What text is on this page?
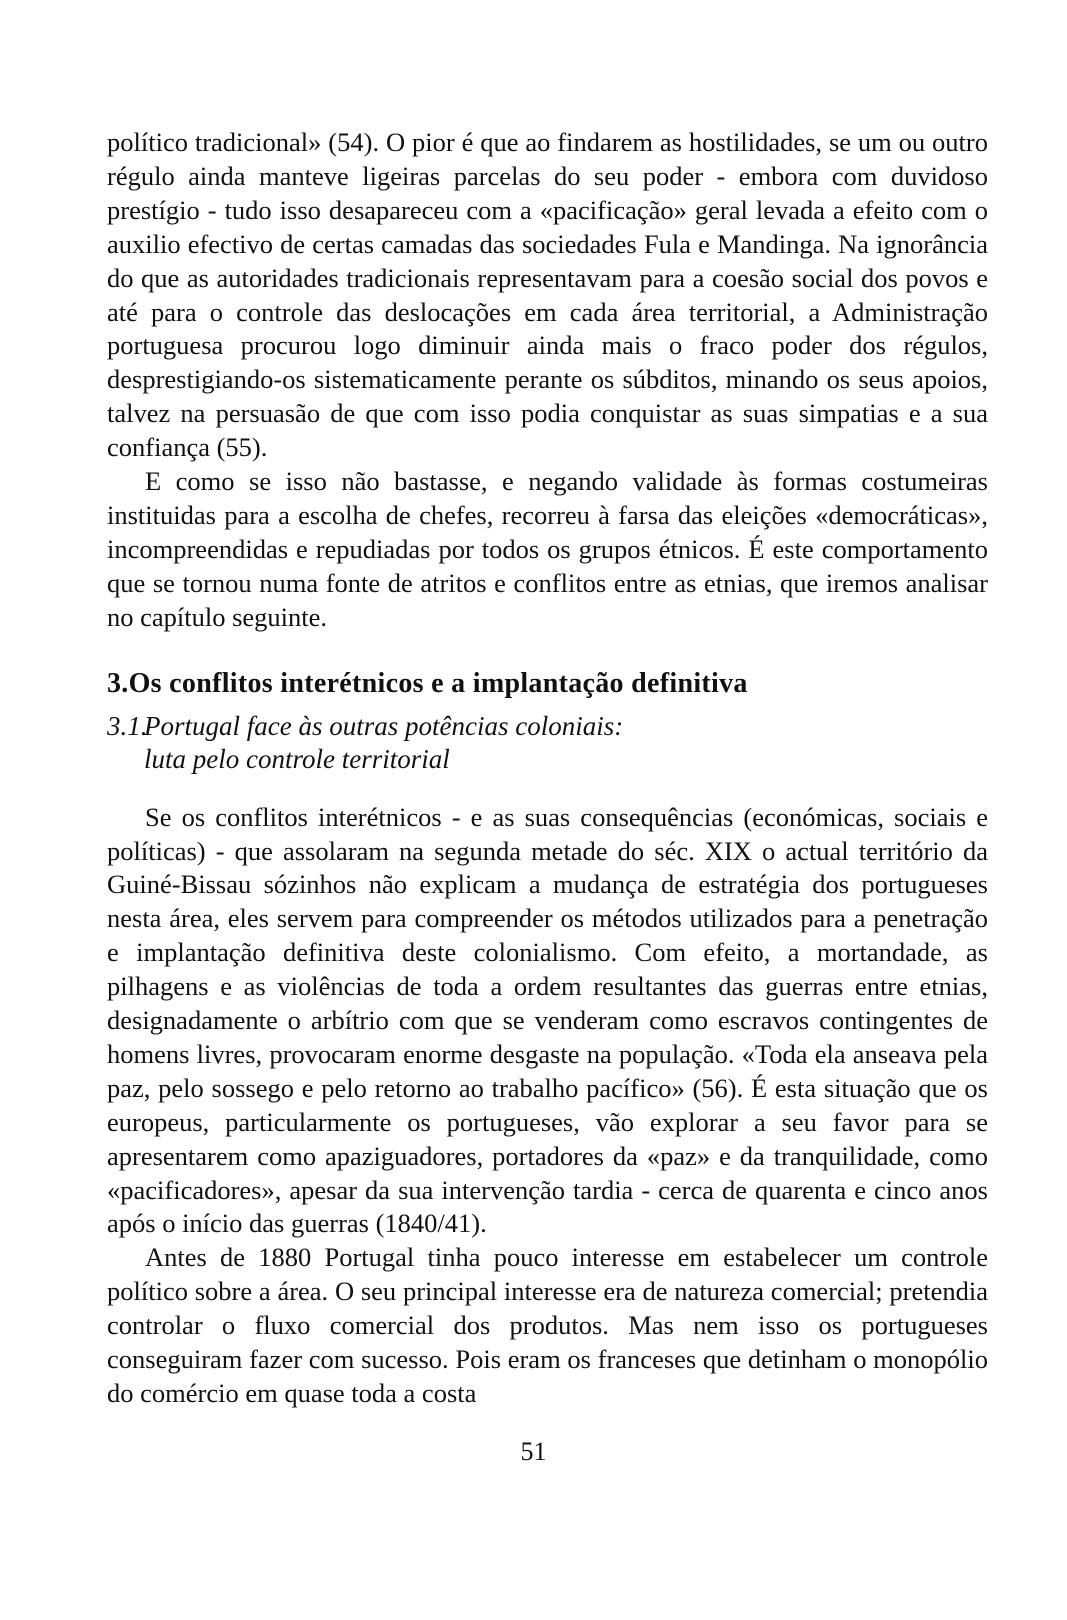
político tradicional» (54). O pior é que ao findarem as hostilidades, se um ou outro régulo ainda manteve ligeiras parcelas do seu poder - embora com duvidoso prestígio - tudo isso desapareceu com a «pacificação» geral levada a efeito com o auxilio efectivo de certas camadas das sociedades Fula e Mandinga. Na ignorância do que as autoridades tradicionais representavam para a coesão social dos povos e até para o controle das deslocações em cada área territorial, a Administração portuguesa procurou logo diminuir ainda mais o fraco poder dos régulos, desprestigiando-os sistematicamente perante os súbditos, minando os seus apoios, talvez na persuasão de que com isso podia conquistar as suas simpatias e a sua confiança (55).

E como se isso não bastasse, e negando validade às formas costumeiras instituidas para a escolha de chefes, recorreu à farsa das eleições «democráticas», incompreendidas e repudiadas por todos os grupos étnicos. É este comportamento que se tornou numa fonte de atritos e conflitos entre as etnias, que iremos analisar no capítulo seguinte.

3.Os conflitos interétnicos e a implantação definitiva
3.1.Portugal face às outras potências coloniais:
luta pelo controle territorial

Se os conflitos interétnicos - e as suas consequências (económicas, sociais e políticas) - que assolaram na segunda metade do séc. XIX o actual território da Guiné-Bissau sózinhos não explicam a mudança de estratégia dos portugueses nesta área, eles servem para compreender os métodos utilizados para a penetração e implantação definitiva deste colonialismo. Com efeito, a mortandade, as pilhagens e as violências de toda a ordem resultantes das guerras entre etnias, designadamente o arbítrio com que se venderam como escravos contingentes de homens livres, provocaram enorme desgaste na população. «Toda ela anseava pela paz, pelo sossego e pelo retorno ao trabalho pacífico» (56). É esta situação que os europeus, particularmente os portugueses, vão explorar a seu favor para se apresentarem como apaziguadores, portadores da «paz» e da tranquilidade, como «pacificadores», apesar da sua intervenção tardia - cerca de quarenta e cinco anos após o início das guerras (1840/41).

Antes de 1880 Portugal tinha pouco interesse em estabelecer um controle político sobre a área. O seu principal interesse era de natureza comercial; pretendia controlar o fluxo comercial dos produtos. Mas nem isso os portugueses conseguiram fazer com sucesso. Pois eram os franceses que detinham o monopólio do comércio em quase toda a costa

51
